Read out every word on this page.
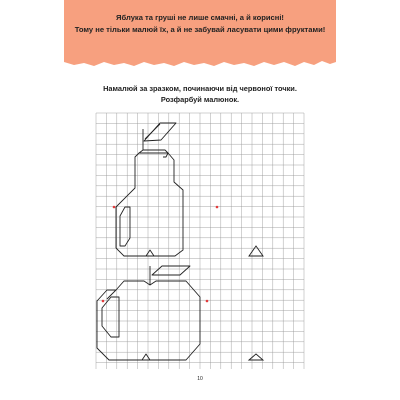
Яблука та груші не лише смачні, а й корисні!
Тому не тільки малюй їх, а й не забувай ласувати цими фруктами!
Намалюй за зразком, починаючи від червоної точки.
Розфарбуй малюнок.
10
